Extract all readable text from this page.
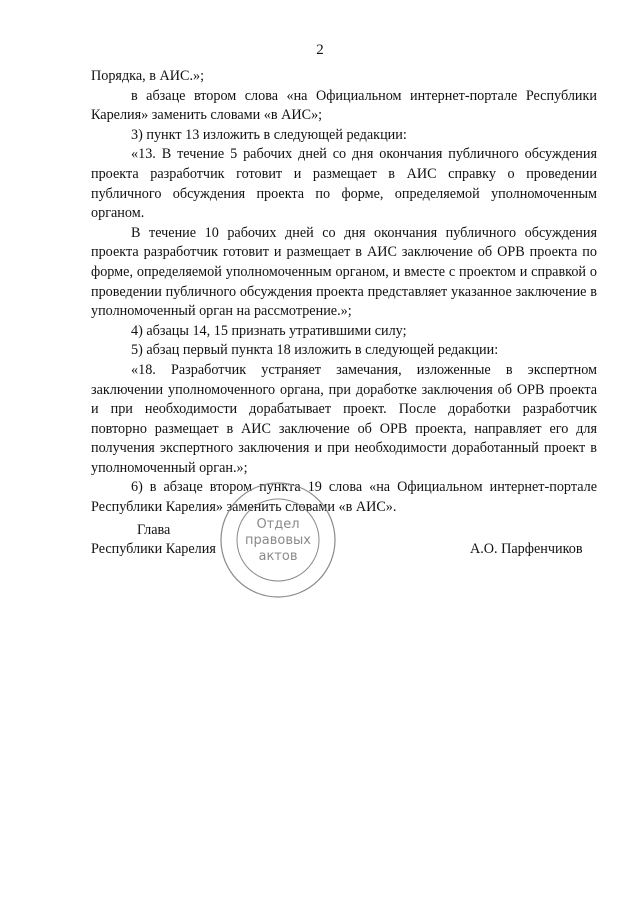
2

Порядка, в АИС.»;

в абзаце втором слова «на Официальном интернет-портале Республики Карелия» заменить словами «в АИС»;

3) пункт 13 изложить в следующей редакции:

«13. В течение 5 рабочих дней со дня окончания публичного обсуждения проекта разработчик готовит и размещает в АИС справку о проведении публичного обсуждения проекта по форме, определяемой уполномоченным органом.

В течение 10 рабочих дней со дня окончания публичного обсуждения проекта разработчик готовит и размещает в АИС заключение об ОРВ проекта по форме, определяемой уполномоченным органом, и вместе с проектом и справкой о проведении публичного обсуждения проекта представляет указанное заключение в уполномоченный орган на рассмотрение.»;

4) абзацы 14, 15 признать утратившими силу;

5) абзац первый пункта 18 изложить в следующей редакции:

«18. Разработчик устраняет замечания, изложенные в экспертном заключении уполномоченного органа, при доработке заключения об ОРВ проекта и при необходимости дорабатывает проект. После доработки разработчик повторно размещает в АИС заключение об ОРВ проекта, направляет его для получения экспертного заключения и при необходимости доработанный проект в уполномоченный орган.»;

6) в абзаце втором пункта 19 слова «на Официальном интернет-портале Республики Карелия» заменить словами «в АИС».

Отдел
правовых
актов
Глава
Республики Карелия	А.О. Парфенчиков
